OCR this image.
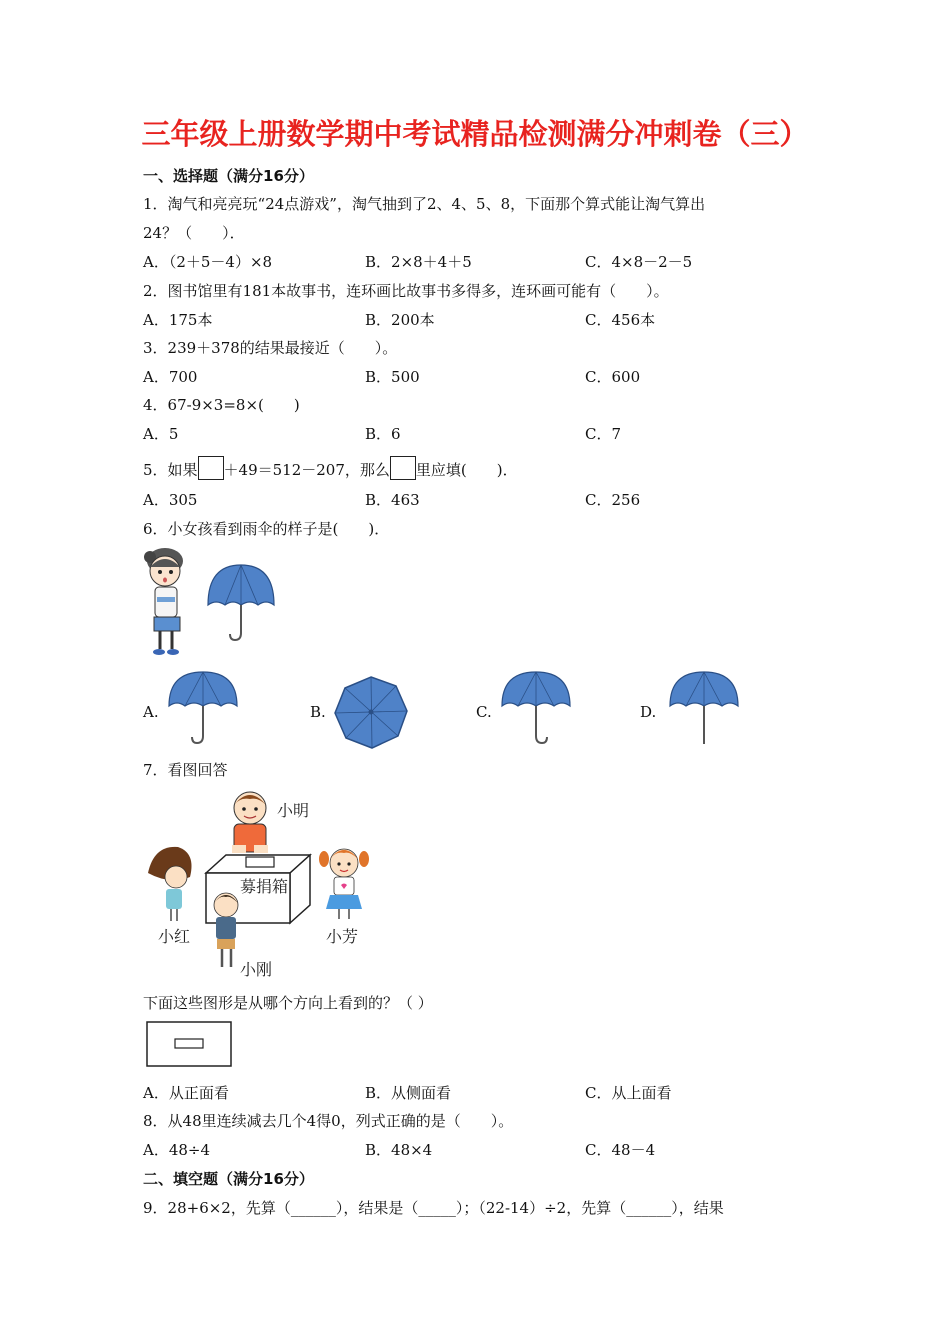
三年级上册数学期中考试精品检测满分冲刺卷（三）
一、选择题（满分16分）
1．淘气和亮亮玩“24点游戏”，淘气抽到了2、4、5、8，下面那个算式能让淘气算出
24？（　　）．
A．（2＋5－4）×8	B．2×8＋4＋5	C．4×8－2－5
2．图书馆里有181本故事书，连环画比故事书多得多，连环画可能有（　　）。
A．175本	B．200本	C．456本
3．239＋378的结果最接近（　　）。
A．700	B．500	C．600
4．67-9×3=8×(　　)
A．5	B．6	C．7
5．如果 ＋49＝512－207，那么 里应填(　　)．
A．305	B．463	C．256
6．小女孩看到雨伞的样子是(　　)．
A.	B.	C.	D.
7．看图回答
小明
募捐箱
小红	小芳
小刚
下面这些图形是从哪个方向上看到的？（ ）
A．从正面看	B．从侧面看	C．从上面看
8．从48里连续减去几个4得0，列式正确的是（　　）。
A．48÷4	B．48×4	C．48－4
二、填空题（满分16分）
9．28+6×2，先算（______），结果是（_____）；（22-14）÷2，先算（______），结果
